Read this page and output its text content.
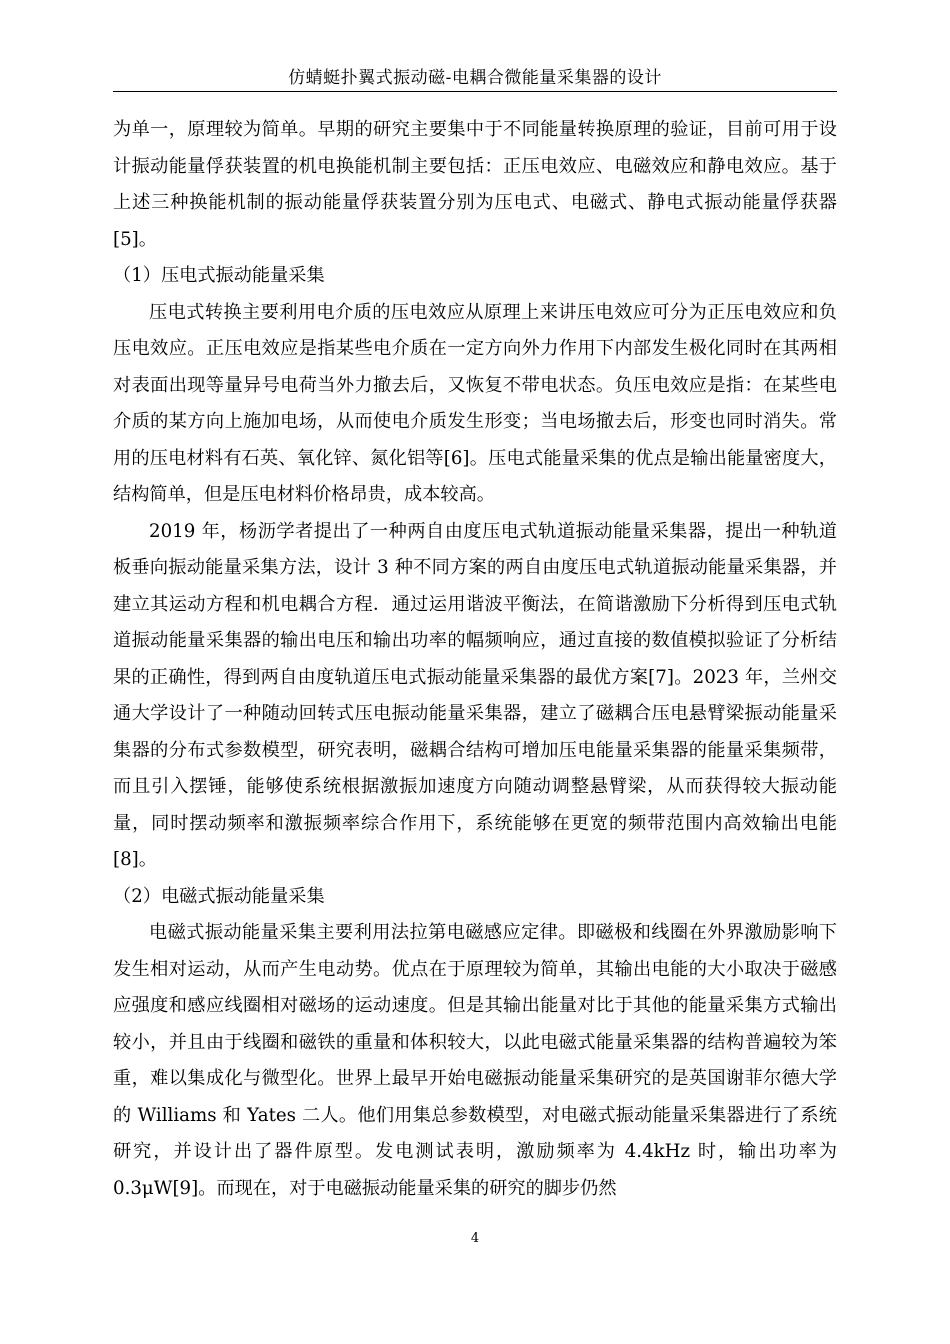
仿蜻蜓扑翼式振动磁-电耦合微能量采集器的设计

为单一，原理较为简单。早期的研究主要集中于不同能量转换原理的验证，目前可用于设计振动能量俘获装置的机电换能机制主要包括：正压电效应、电磁效应和静电效应。基于上述三种换能机制的振动能量俘获装置分别为压电式、电磁式、静电式振动能量俘获器[5]。

（1）压电式振动能量采集

压电式转换主要利用电介质的压电效应从原理上来讲压电效应可分为正压电效应和负压电效应。正压电效应是指某些电介质在一定方向外力作用下内部发生极化同时在其两相对表面出现等量异号电荷当外力撤去后，又恢复不带电状态。负压电效应是指：在某些电介质的某方向上施加电场，从而使电介质发生形变；当电场撤去后，形变也同时消失。常用的压电材料有石英、氧化锌、氮化铝等[6]。压电式能量采集的优点是输出能量密度大，结构简单，但是压电材料价格昂贵，成本较高。

2019 年，杨沥学者提出了一种两自由度压电式轨道振动能量采集器，提出一种轨道板垂向振动能量采集方法，设计 3 种不同方案的两自由度压电式轨道振动能量采集器，并建立其运动方程和机电耦合方程．通过运用谐波平衡法，在简谐激励下分析得到压电式轨道振动能量采集器的输出电压和输出功率的幅频响应，通过直接的数值模拟验证了分析结果的正确性，得到两自由度轨道压电式振动能量采集器的最优方案[7]。2023 年，兰州交通大学设计了一种随动回转式压电振动能量采集器，建立了磁耦合压电悬臂梁振动能量采集器的分布式参数模型，研究表明，磁耦合结构可增加压电能量采集器的能量采集频带，而且引入摆锤，能够使系统根据激振加速度方向随动调整悬臂梁，从而获得较大振动能量，同时摆动频率和激振频率综合作用下，系统能够在更宽的频带范围内高效输出电能[8]。

（2）电磁式振动能量采集

电磁式振动能量采集主要利用法拉第电磁感应定律。即磁极和线圈在外界激励影响下发生相对运动，从而产生电动势。优点在于原理较为简单，其输出电能的大小取决于磁感应强度和感应线圈相对磁场的运动速度。但是其输出能量对比于其他的能量采集方式输出较小，并且由于线圈和磁铁的重量和体积较大，以此电磁式能量采集器的结构普遍较为笨重，难以集成化与微型化。世界上最早开始电磁振动能量采集研究的是英国谢菲尔德大学的 Williams 和 Yates 二人。他们用集总参数模型，对电磁式振动能量采集器进行了系统研究，并设计出了器件原型。发电测试表明，激励频率为 4.4kHz 时，输出功率为 0.3μW[9]。而现在，对于电磁振动能量采集的研究的脚步仍然

4
